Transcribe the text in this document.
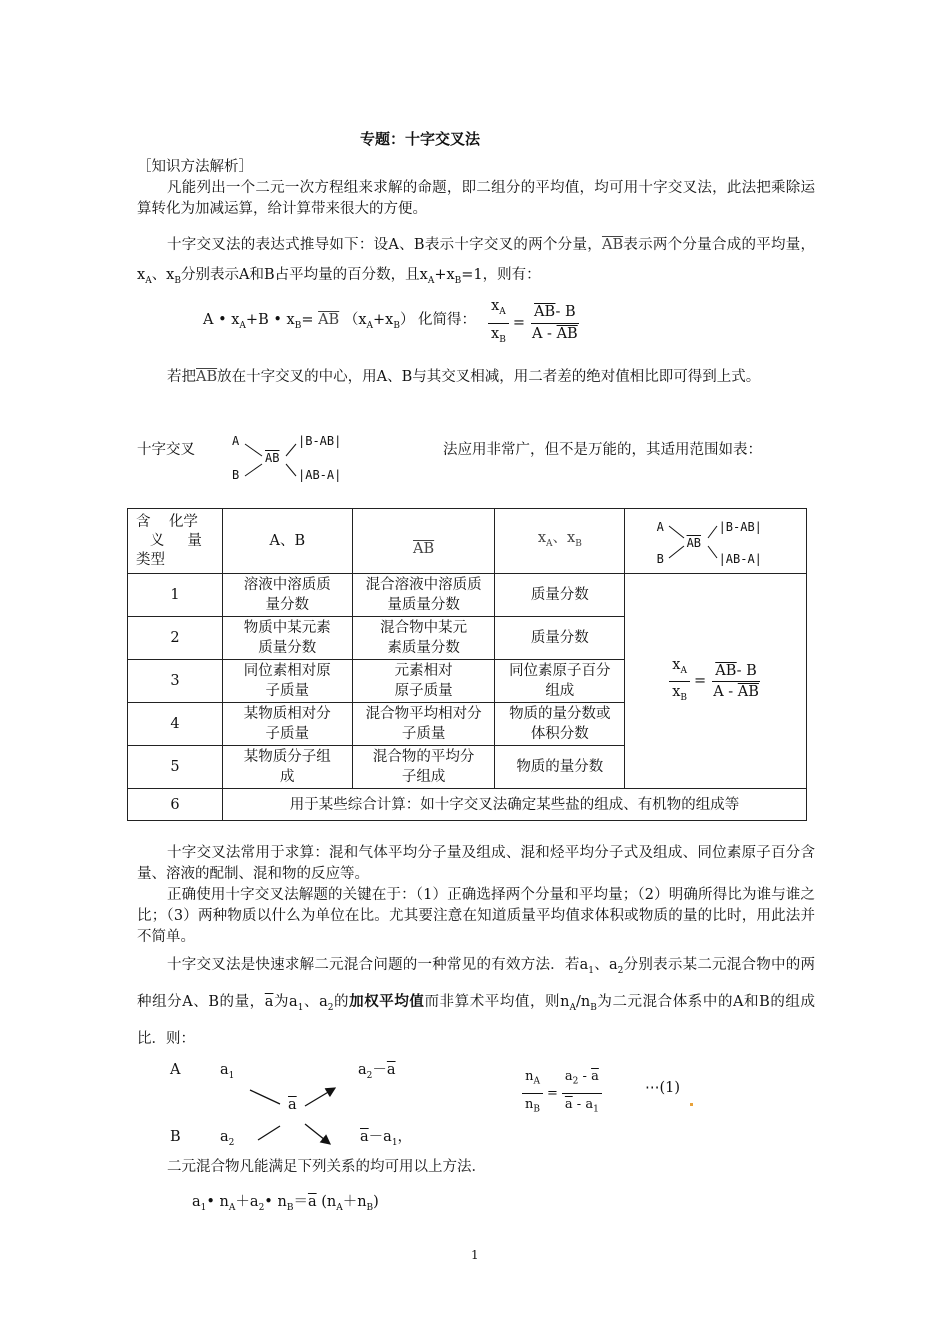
专题：十字交叉法
［知识方法解析］
凡能列出一个二元一次方程组来求解的命题，即二组分的平均值，均可用十字交叉法，此法把乘除运算转化为加减运算，给计算带来很大的方便。
十字交叉法的表达式推导如下：设A、B表示十字交叉的两个分量，$\overline{AB}$表示两个分量合成的平均量，$x_A$、$x_B$分别表示A和B占平均量的百分数，且$x_A+x_B=1$，则有：
A • $x_A+B$ • $x_B= \overline{AB}$ $(x_A+x_B)$ 化简得： $\frac{x_A}{x_B} = \frac{\overline{AB}- B}{A - \overline{AB}}$
若把$\overline{AB}$放在十字交叉的中心，用A、B与其交叉相减，用二者差的绝对值相比即可得到上式。
十字交叉	法应用非常广，但不是万能的，其适用范围如表：
A
B
$\overline{AB}$
|B-AB|
|AB-A|
含 化学
义 量
类型	A、B	$\overline{AB}$	$x_A$、$x_B$	A
B
$\overline{AB}$
|B-AB|
|AB-A|

1	溶液中溶质质量分数	混合溶液中溶质质量质量分数	质量分数	$\frac{x_A}{x_B} = \frac{\overline{AB}- B}{A - \overline{AB}}$

2	物质中某元素质量分数	混合物中某元素质量分数	质量分数	
3	同位素相对原子质量	元素相对原子质量	同位素原子百分组成	
4	某物质相对分子质量	混合物平均相对分子质量	物质的量分数或体积分数	
5	某物质分子组成	混合物的平均分子组成	物质的量分数	
6	用于某些综合计算：如十字交叉法确定某些盐的组成、有机物的组成等			
十字交叉法常用于求算：混和气体平均分子量及组成、混和烃平均分子式及组成、同位素原子百分含量、溶液的配制、混和物的反应等。
正确使用十字交叉法解题的关键在于：（1）正确选择两个分量和平均量；（2）明确所得比为谁与谁之比；（3）两种物质以什么为单位在比。尤其要注意在知道质量平均值求体积或物质的量的比时，用此法并不简单。
十字交叉法是快速求解二元混合问题的一种常见的有效方法．若$a_1$、$a_2$分别表示某二元混合物中的两种组分A、B的量，$\overline{a}$为$a_1$、$a_2$的加权平均值而非算术平均值，则$n_A/n_B$为二元混合体系中的A和B的组成比．则：
A	$a_1$	$a_2-\overline{a}$
$\overline{a}$
B	$a_2$	$\overline{a}-a_1$，
$\frac{n_A}{n_B} = \frac{a_2 - \overline{a}}{\overline{a} - a_1}$	⋯(1)
二元混合物凡能满足下列关系的均可用以上方法．
$a_1•$ $n_A+a_2•$ $n_B=\overline{a}$ $(n_A+n_B)$
1
